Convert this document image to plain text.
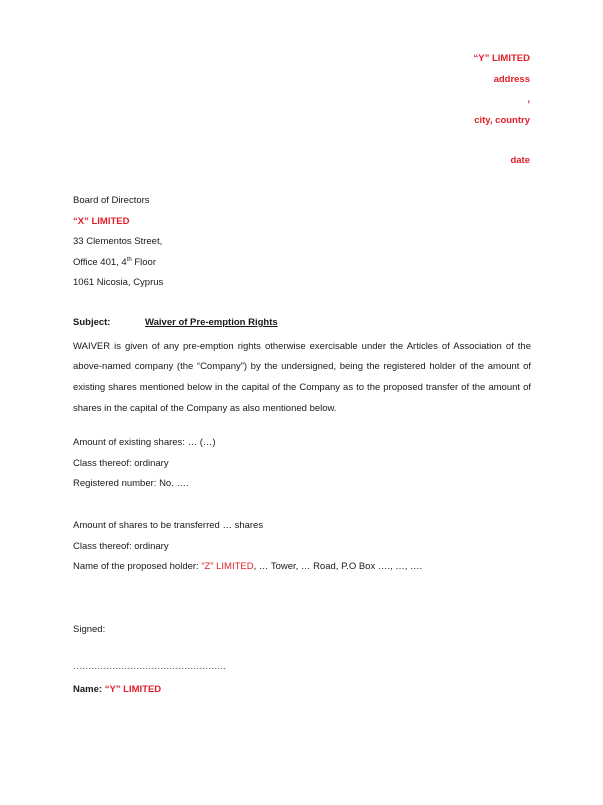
“Y” LIMITED
address
,
city, country
date
Board of Directors
“X” LIMITED
33 Clementos Street,
Office 401, 4th Floor
1061 Nicosia, Cyprus
Subject:	Waiver of Pre-emption Rights

WAIVER is given of any pre-emption rights otherwise exercisable under the Articles of Association of the above-named company (the “Company”) by the undersigned, being the registered holder of the amount of existing shares mentioned below in the capital of the Company as to the proposed transfer of the amount of shares in the capital of the Company as also mentioned below.

Amount of existing shares: … (…)
Class thereof: ordinary
Registered number: No. ….
Amount of shares to be transferred … shares
Class thereof: ordinary
Name of the proposed holder: “Z” LIMITED, … Tower, … Road, P.O Box …., …, ….
Signed:
……………………………………………
Name: “Y” LIMITED
